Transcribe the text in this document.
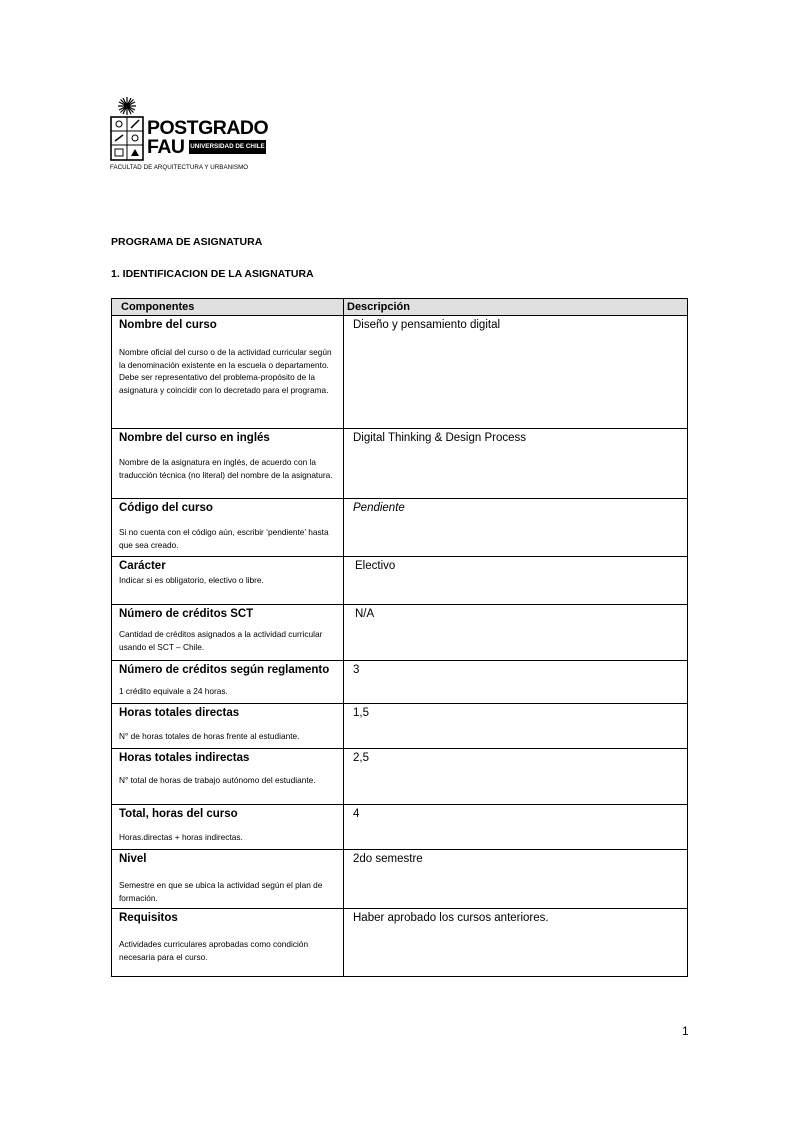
POSTGRADO
FAU UNIVERSIDAD DE CHILE
FACULTAD DE ARQUITECTURA Y URBANISMO
PROGRAMA DE ASIGNATURA
1. IDENTIFICACION DE LA ASIGNATURA
Componentes	Descripción

Nombre del curso
Nombre oficial del curso o de la actividad curricular según la denominación existente en la escuela o departamento. Debe ser representativo del problema-propósito de la asignatura y coincidir con lo decretado para el programa.	Diseño y pensamiento digital

Nombre del curso en inglés
Nombre de la asignatura en inglés, de acuerdo con la traducción técnica (no literal) del nombre de la asignatura.	Digital Thinking & Design Process

Código del curso
Si no cuenta con el código aún, escribir ‘pendiente’ hasta que sea creado.	Pendiente

Carácter
Indicar si es obligatorio, electivo o libre.	Electivo

Número de créditos SCT
Cantidad de créditos asignados a la actividad curricular usando el SCT – Chile.	N/A

Número de créditos según reglamento
1 crédito equivale a 24 horas.	3

Horas totales directas
N° de horas totales de horas frente al estudiante.	1,5

Horas totales indirectas
N° total de horas de trabajo autónomo del estudiante.	2,5

Total, horas del curso
Horas.directas + horas indirectas.	4

Nivel
Semestre en que se ubica la actividad según el plan de formación.	2do semestre

Requisitos
Actividades curriculares aprobadas como condición necesaria para el curso.	Haber aprobado los cursos anteriores.
1
